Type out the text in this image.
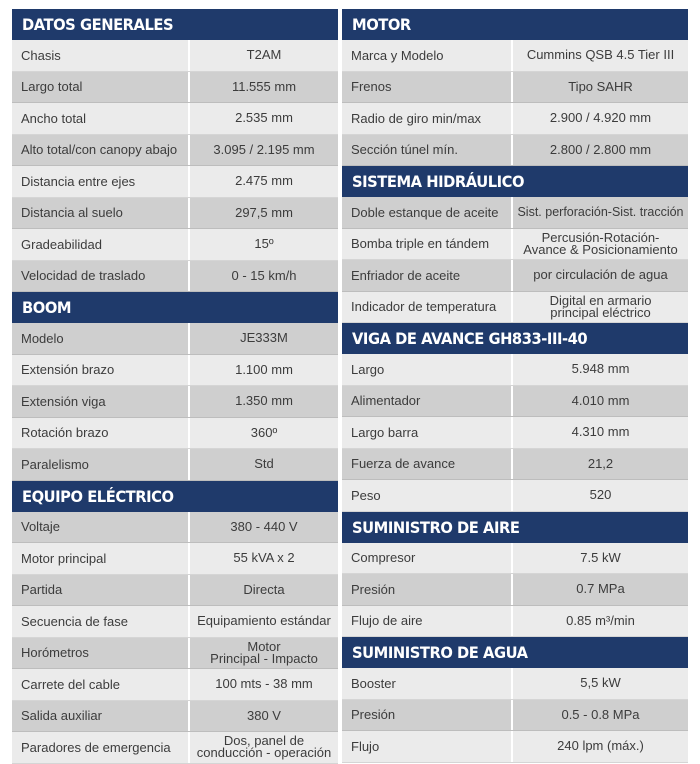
DATOS GENERALES
Chasis	T2AM
Largo total	11.555 mm
Ancho total	2.535 mm
Alto total/con canopy abajo	3.095 / 2.195 mm
Distancia entre ejes	2.475 mm
Distancia al suelo	297,5 mm
Gradeabilidad	15º
Velocidad de traslado	0 - 15 km/h
BOOM
Modelo	JE333M
Extensión brazo	1.100 mm
Extensión viga	1.350 mm
Rotación brazo	360º
Paralelismo	Std
EQUIPO ELÉCTRICO
Voltaje	380 - 440 V
Motor principal	55 kVA x 2
Partida	Directa
Secuencia de fase	Equipamiento estándar
Horómetros	Motor
Principal - Impacto
Carrete del cable	100 mts - 38 mm
Salida auxiliar	380 V
Paradores de emergencia	Dos, panel de
conducción - operación
MOTOR
Marca y Modelo	Cummins QSB 4.5 Tier III
Frenos	Tipo SAHR
Radio de giro min/max	2.900 / 4.920 mm
Sección túnel mín.	2.800 / 2.800 mm
SISTEMA HIDRÁULICO
Doble estanque de aceite	Sist. perforación-Sist. tracción
Bomba triple en tándem	Percusión-Rotación-
Avance & Posicionamiento
Enfriador de aceite	por circulación de agua
Indicador de temperatura	Digital en armario
principal eléctrico
VIGA DE AVANCE GH833-III-40
Largo	5.948 mm
Alimentador	4.010 mm
Largo barra	4.310 mm
Fuerza de avance	21,2
Peso	520
SUMINISTRO DE AIRE
Compresor	7.5 kW
Presión	0.7 MPa
Flujo de aire	0.85 m³/min
SUMINISTRO DE AGUA
Booster	5,5 kW
Presión	0.5 - 0.8 MPa
Flujo	240 lpm (máx.)
